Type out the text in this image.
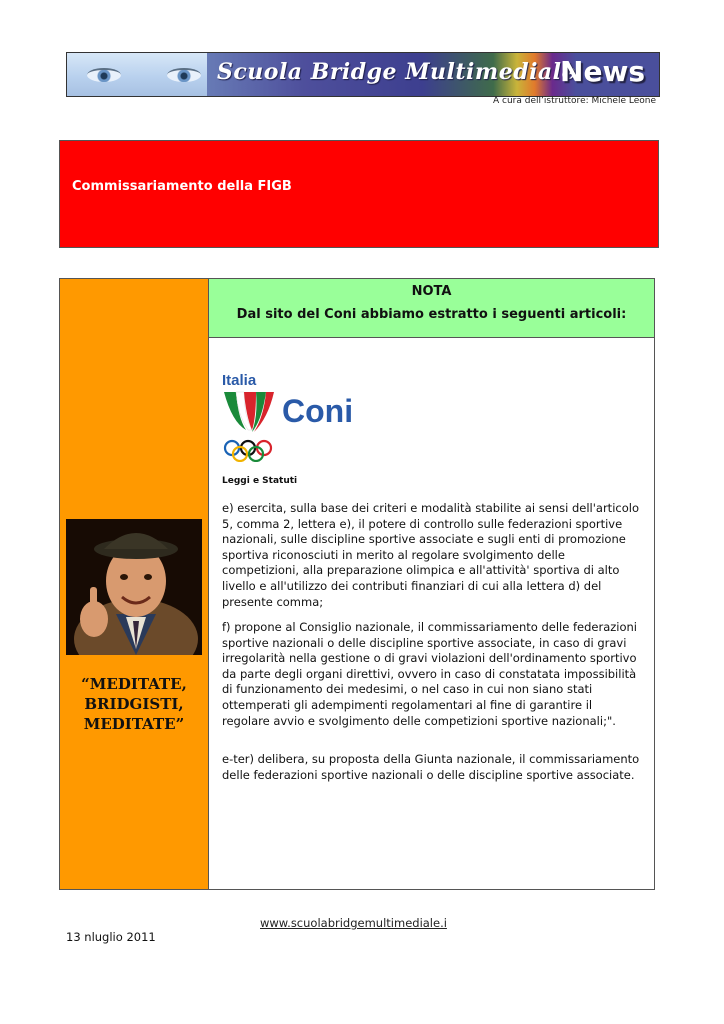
Scuola Bridge Multimediale
News
A cura dell’istruttore: Michele Leone
Commissariamento della FIGB
“MEDITATE, BRIDGISTI, MEDITATE”
NOTA
Dal sito del Coni abbiamo estratto i seguenti articoli:
Italia
Coni
Leggi e Statuti

e) esercita, sulla base dei criteri e modalità stabilite ai sensi dell'articolo 5, comma 2, lettera e), il potere di controllo sulle federazioni sportive nazionali, sulle discipline sportive associate e sugli enti di promozione sportiva riconosciuti in merito al regolare svolgimento delle competizioni, alla preparazione olimpica e all'attività' sportiva di alto livello e all'utilizzo dei contributi finanziari di cui alla lettera d) del presente comma;

f) propone al Consiglio nazionale, il commissariamento delle federazioni sportive nazionali o delle discipline sportive associate, in caso di gravi irregolarità nella gestione o di gravi violazioni dell'ordinamento sportivo da parte degli organi direttivi, ovvero in caso di constatata impossibilità di funzionamento dei medesimi, o nel caso in cui non siano stati ottemperati gli adempimenti regolamentari al fine di garantire il regolare avvio e svolgimento delle competizioni sportive nazionali;".

e-ter) delibera, su proposta della Giunta nazionale, il commissariamento delle federazioni sportive nazionali o delle discipline sportive associate.

www.scuolabridgemultimediale.i
13 nluglio 2011
